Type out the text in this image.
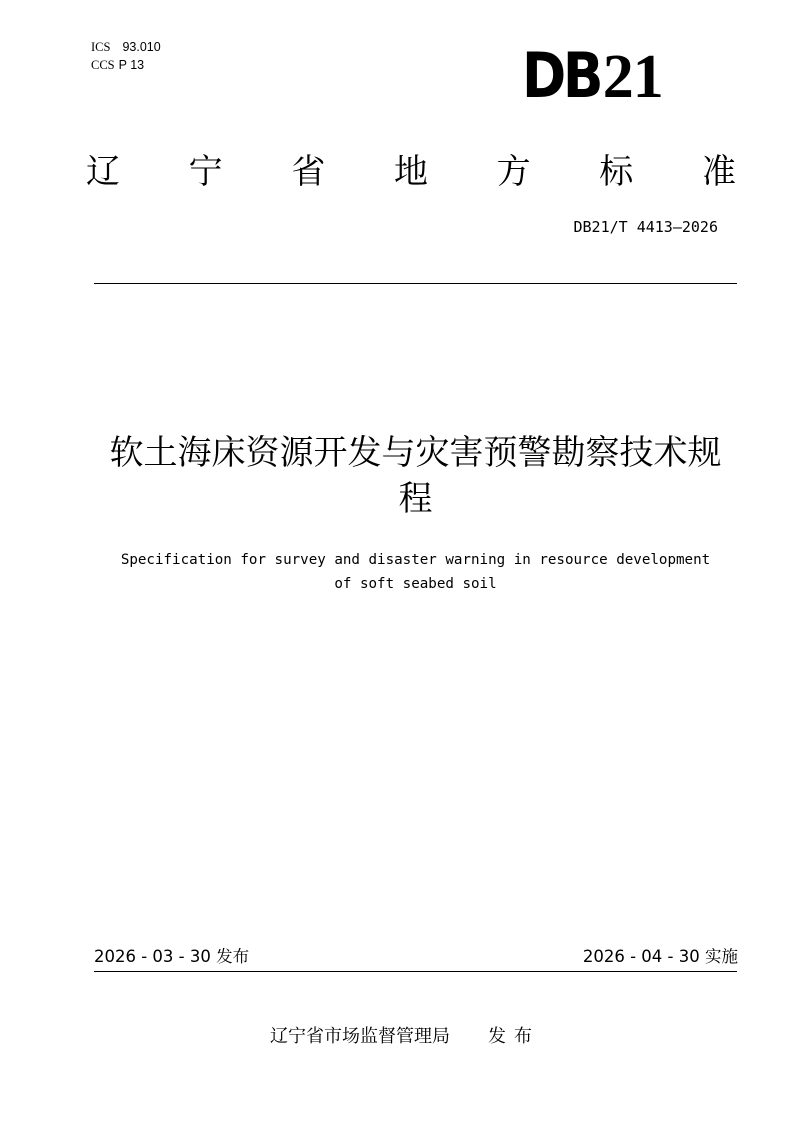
ICS 93.010
CCS P 13	DB21
辽 宁 省 地 方 标 准
DB21/T 4413—2026
软土海床资源开发与灾害预警勘察技术规
程
Specification for survey and disaster warning in resource development
of soft seabed soil
2026 - 03 - 30 发布	2026 - 04 - 30 实施
辽宁省市场监督管理局 发布
